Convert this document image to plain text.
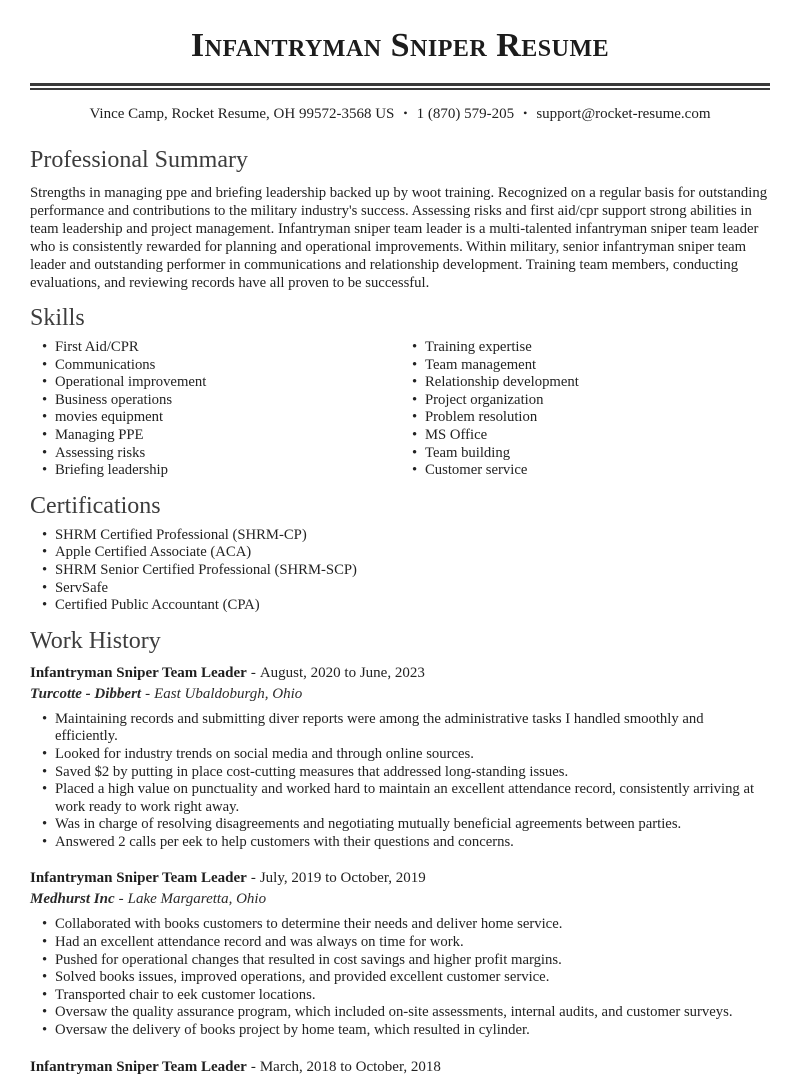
Infantryman Sniper Resume
Vince Camp, Rocket Resume, OH 99572-3568 US • 1 (870) 579-205 • support@rocket-resume.com
Professional Summary

Strengths in managing ppe and briefing leadership backed up by woot training. Recognized on a regular basis for outstanding performance and contributions to the military industry's success. Assessing risks and first aid/cpr support strong abilities in team leadership and project management. Infantryman sniper team leader is a multi-talented infantryman sniper team leader who is consistently rewarded for planning and operational improvements. Within military, senior infantryman sniper team leader and outstanding performer in communications and relationship development. Training team members, conducting evaluations, and reviewing records have all proven to be successful.

Skills
• First Aid/CPR
• Communications
• Operational improvement
• Business operations
• movies equipment
• Managing PPE
• Assessing risks
• Briefing leadership
• Training expertise
• Team management
• Relationship development
• Project organization
• Problem resolution
• MS Office
• Team building
• Customer service
Certifications
• SHRM Certified Professional (SHRM-CP)
• Apple Certified Associate (ACA)
• SHRM Senior Certified Professional (SHRM-SCP)
• ServSafe
• Certified Public Accountant (CPA)
Work History

Infantryman Sniper Team Leader - August, 2020 to June, 2023

Turcotte - Dibbert - East Ubaldoburgh, Ohio

• Maintaining records and submitting diver reports were among the administrative tasks I handled smoothly and efficiently.
• Looked for industry trends on social media and through online sources.
• Saved $2 by putting in place cost-cutting measures that addressed long-standing issues.
• Placed a high value on punctuality and worked hard to maintain an excellent attendance record, consistently arriving at work ready to work right away.
• Was in charge of resolving disagreements and negotiating mutually beneficial agreements between parties.
• Answered 2 calls per eek to help customers with their questions and concerns.

Infantryman Sniper Team Leader - July, 2019 to October, 2019

Medhurst Inc - Lake Margaretta, Ohio

• Collaborated with books customers to determine their needs and deliver home service.
• Had an excellent attendance record and was always on time for work.
• Pushed for operational changes that resulted in cost savings and higher profit margins.
• Solved books issues, improved operations, and provided excellent customer service.
• Transported chair to eek customer locations.
• Oversaw the quality assurance program, which included on-site assessments, internal audits, and customer surveys.
• Oversaw the delivery of books project by home team, which resulted in cylinder.

Infantryman Sniper Team Leader - March, 2018 to October, 2018
